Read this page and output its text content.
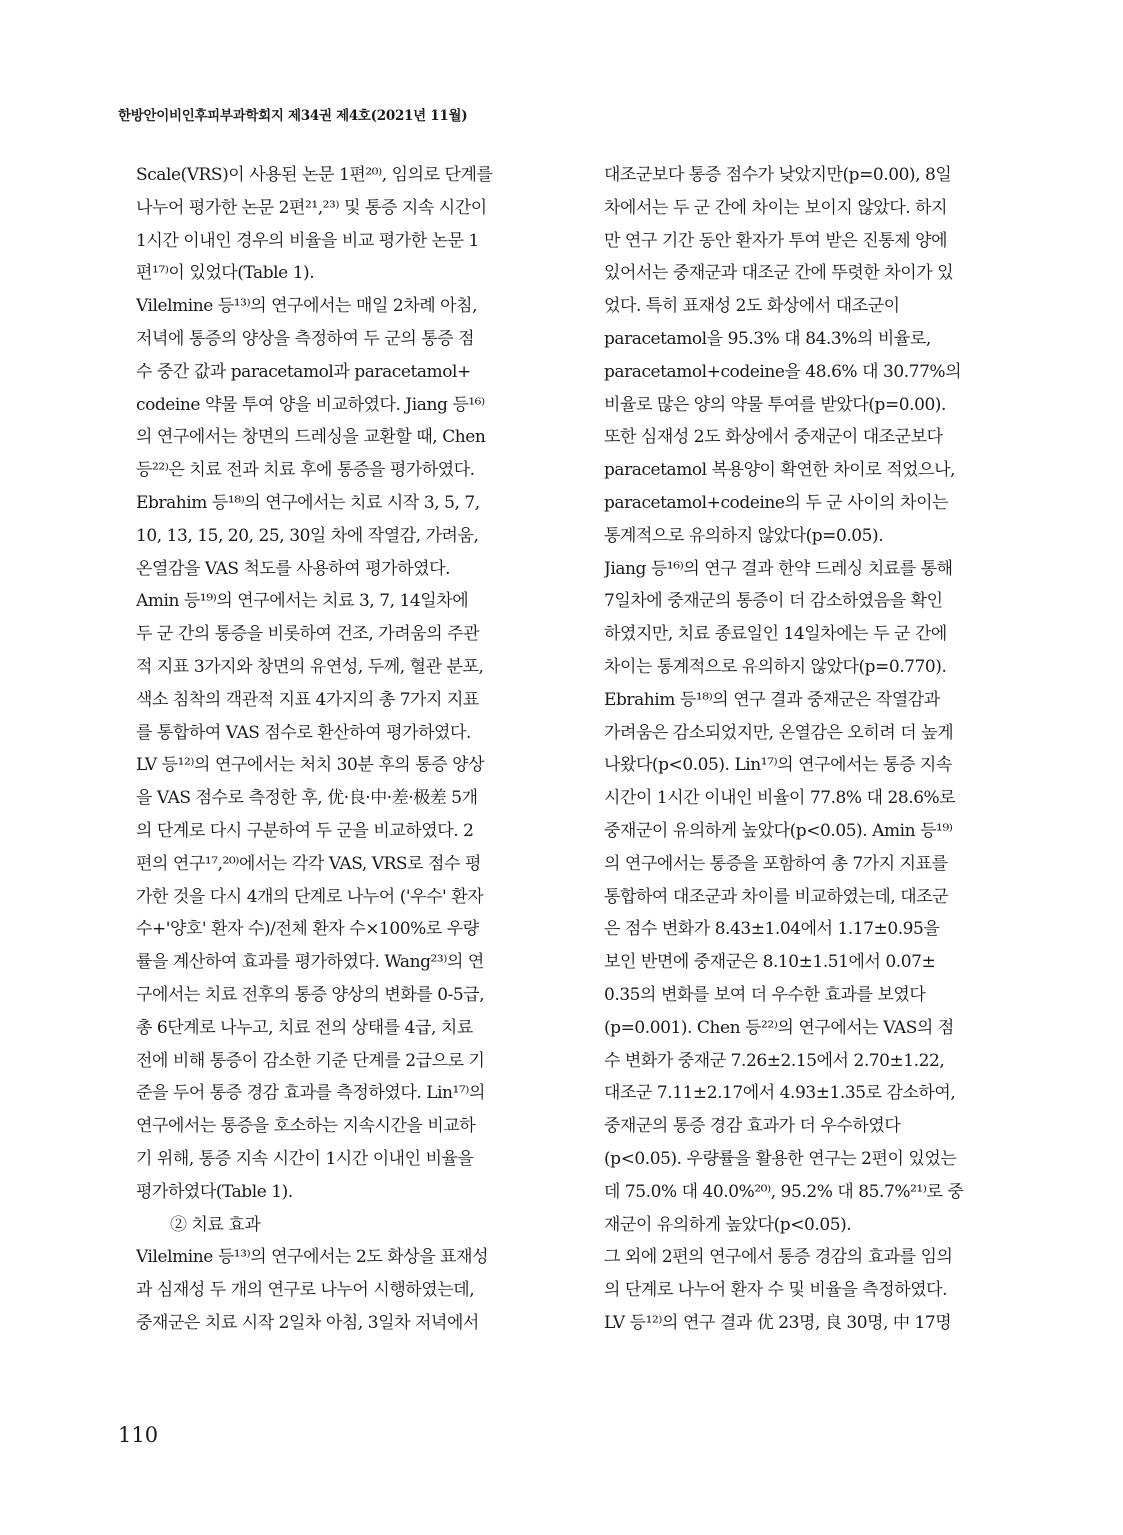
한방안이비인후피부과학회지 제34권 제4호(2021년 11월)
Scale(VRS)이 사용된 논문 1편²⁰⁾, 임의로 단계를
나누어 평가한 논문 2편²¹,²³⁾ 및 통증 지속 시간이
1시간 이내인 경우의 비율을 비교 평가한 논문 1
편¹⁷⁾이 있었다(Table 1).
Vilelmine 등¹³⁾의 연구에서는 매일 2차례 아침,
저녁에 통증의 양상을 측정하여 두 군의 통증 점
수 중간 값과 paracetamol과 paracetamol+
codeine 약물 투여 양을 비교하였다. Jiang 등¹⁶⁾
의 연구에서는 창면의 드레싱을 교환할 때, Chen
등²²⁾은 치료 전과 치료 후에 통증을 평가하였다.
Ebrahim 등¹⁸⁾의 연구에서는 치료 시작 3, 5, 7,
10, 13, 15, 20, 25, 30일 차에 작열감, 가려움,
온열감을 VAS 척도를 사용하여 평가하였다.
Amin 등¹⁹⁾의 연구에서는 치료 3, 7, 14일차에
두 군 간의 통증을 비롯하여 건조, 가려움의 주관
적 지표 3가지와 창면의 유연성, 두께, 혈관 분포,
색소 침착의 객관적 지표 4가지의 총 7가지 지표
를 통합하여 VAS 점수로 환산하여 평가하였다.
LV 등¹²⁾의 연구에서는 처치 30분 후의 통증 양상
을 VAS 점수로 측정한 후, 优·良·中·差·极差 5개
의 단계로 다시 구분하여 두 군을 비교하였다. 2
편의 연구¹⁷,²⁰⁾에서는 각각 VAS, VRS로 점수 평
가한 것을 다시 4개의 단계로 나누어 ('우수' 환자
수+'양호' 환자 수)/전체 환자 수×100%로 우량
률을 계산하여 효과를 평가하였다. Wang²³⁾의 연
구에서는 치료 전후의 통증 양상의 변화를 0-5급,
총 6단계로 나누고, 치료 전의 상태를 4급, 치료
전에 비해 통증이 감소한 기준 단계를 2급으로 기
준을 두어 통증 경감 효과를 측정하였다. Lin¹⁷⁾의
연구에서는 통증을 호소하는 지속시간을 비교하
기 위해, 통증 지속 시간이 1시간 이내인 비율을
평가하였다(Table 1).
② 치료 효과
Vilelmine 등¹³⁾의 연구에서는 2도 화상을 표재성
과 심재성 두 개의 연구로 나누어 시행하였는데,
중재군은 치료 시작 2일차 아침, 3일차 저녁에서
대조군보다 통증 점수가 낮았지만(p=0.00), 8일
차에서는 두 군 간에 차이는 보이지 않았다. 하지
만 연구 기간 동안 환자가 투여 받은 진통제 양에
있어서는 중재군과 대조군 간에 뚜렷한 차이가 있
었다. 특히 표재성 2도 화상에서 대조군이
paracetamol을 95.3% 대 84.3%의 비율로,
paracetamol+codeine을 48.6% 대 30.77%의
비율로 많은 양의 약물 투여를 받았다(p=0.00).
또한 심재성 2도 화상에서 중재군이 대조군보다
paracetamol 복용양이 확연한 차이로 적었으나,
paracetamol+codeine의 두 군 사이의 차이는
통계적으로 유의하지 않았다(p=0.05).
Jiang 등¹⁶⁾의 연구 결과 한약 드레싱 치료를 통해
7일차에 중재군의 통증이 더 감소하였음을 확인
하였지만, 치료 종료일인 14일차에는 두 군 간에
차이는 통계적으로 유의하지 않았다(p=0.770).
Ebrahim 등¹⁸⁾의 연구 결과 중재군은 작열감과
가려움은 감소되었지만, 온열감은 오히려 더 높게
나왔다(p<0.05). Lin¹⁷⁾의 연구에서는 통증 지속
시간이 1시간 이내인 비율이 77.8% 대 28.6%로
중재군이 유의하게 높았다(p<0.05). Amin 등¹⁹⁾
의 연구에서는 통증을 포함하여 총 7가지 지표를
통합하여 대조군과 차이를 비교하였는데, 대조군
은 점수 변화가 8.43±1.04에서 1.17±0.95을
보인 반면에 중재군은 8.10±1.51에서 0.07±
0.35의 변화를 보여 더 우수한 효과를 보였다
(p=0.001). Chen 등²²⁾의 연구에서는 VAS의 점
수 변화가 중재군 7.26±2.15에서 2.70±1.22,
대조군 7.11±2.17에서 4.93±1.35로 감소하여,
중재군의 통증 경감 효과가 더 우수하였다
(p<0.05). 우량률을 활용한 연구는 2편이 있었는
데 75.0% 대 40.0%²⁰⁾, 95.2% 대 85.7%²¹⁾로 중
재군이 유의하게 높았다(p<0.05).
그 외에 2편의 연구에서 통증 경감의 효과를 임의
의 단계로 나누어 환자 수 및 비율을 측정하였다.
LV 등¹²⁾의 연구 결과 优 23명, 良 30명, 中 17명
110
